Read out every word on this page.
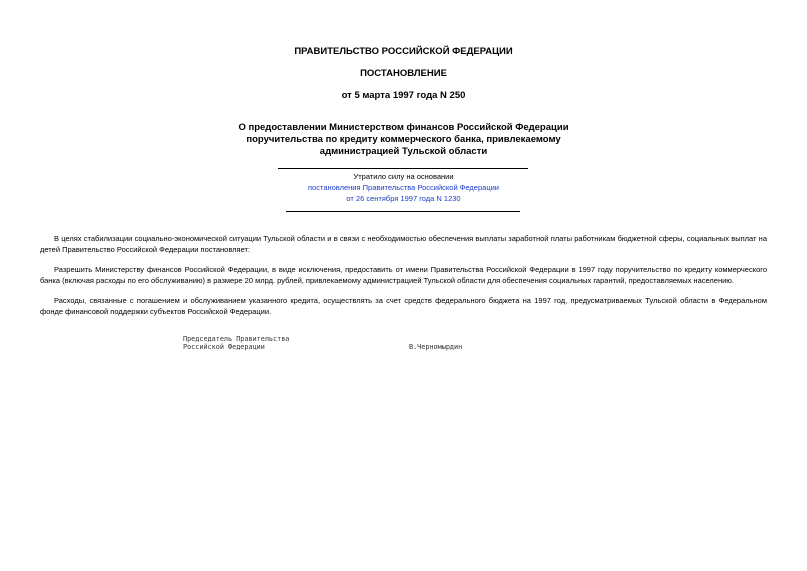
ПРАВИТЕЛЬСТВО РОССИЙСКОЙ ФЕДЕРАЦИИ

ПОСТАНОВЛЕНИЕ

от 5 марта 1997 года N 250

О предоставлении Министерством финансов Российской Федерации
поручительства по кредиту коммерческого банка, привлекаемому
администрацией Тульской области

Утратило силу на основании
постановления Правительства Российской Федерации
от 26 сентября 1997 года N 1230

В целях стабилизации социально-экономической ситуации Тульской области и в связи с необходимостью обеспечения выплаты заработной платы работникам бюджетной сферы, социальных выплат на детей Правительство Российской Федерации постановляет:

Разрешить Министерству финансов Российской Федерации, в виде исключения, предоставить от имени Правительства Российской Федерации в 1997 году поручительство по кредиту коммерческого банка (включая расходы по его обслуживанию) в размере 20 млрд. рублей, привлекаемому администрацией Тульской области для обеспечения социальных гарантий, предоставляемых населению.

Расходы, связанные с погашением и обслуживанием указанного кредита, осуществлять за счет средств федерального бюджета на 1997 год, предусматриваемых Тульской области в Федеральном фонде финансовой поддержки субъектов Российской Федерации.

Председатель Правительства
Российской Федерации	В.Черномырдин
